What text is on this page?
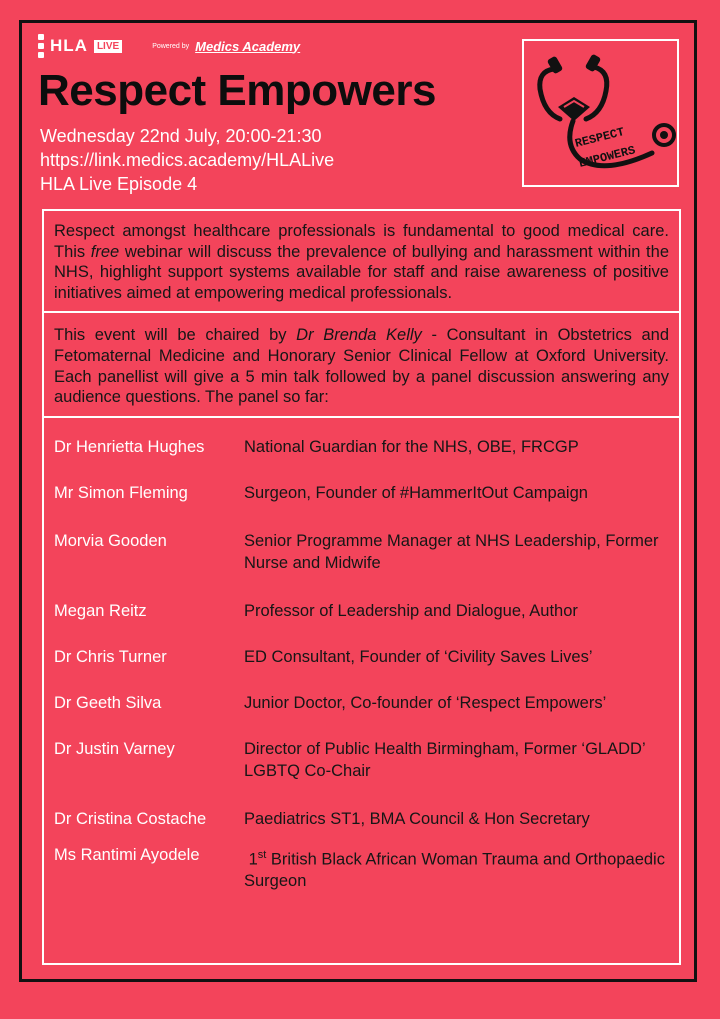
HLA LIVE	Powered by Medics Academy
Respect Empowers
Wednesday 22nd July, 20:00-21:30
https://link.medics.academy/HLALive
HLA Live Episode 4
RESPECT
EMPOWERS

Respect amongst healthcare professionals is fundamental to good medical care. This free webinar will discuss the prevalence of bullying and harassment within the NHS, highlight support systems available for staff and raise awareness of positive initiatives aimed at empowering medical professionals.

This event will be chaired by Dr Brenda Kelly - Consultant in Obstetrics and Fetomaternal Medicine and Honorary Senior Clinical Fellow at Oxford University. Each panellist will give a 5 min talk followed by a panel discussion answering any audience questions. The panel so far:

Dr Henrietta Hughes	National Guardian for the NHS, OBE, FRCGP
Mr Simon Fleming	Surgeon, Founder of #HammerItOut Campaign
Morvia Gooden	Senior Programme Manager at NHS Leadership, Former Nurse and Midwife
Megan Reitz	Professor of Leadership and Dialogue, Author
Dr Chris Turner	ED Consultant, Founder of ‘Civility Saves Lives’
Dr Geeth Silva	Junior Doctor, Co-founder of ‘Respect Empowers’
Dr Justin Varney	Director of Public Health Birmingham, Former ‘GLADD’ LGBTQ Co-Chair
Dr Cristina Costache	Paediatrics ST1, BMA Council & Hon Secretary
Ms Rantimi Ayodele	1st British Black African Woman Trauma and Orthopaedic Surgeon
